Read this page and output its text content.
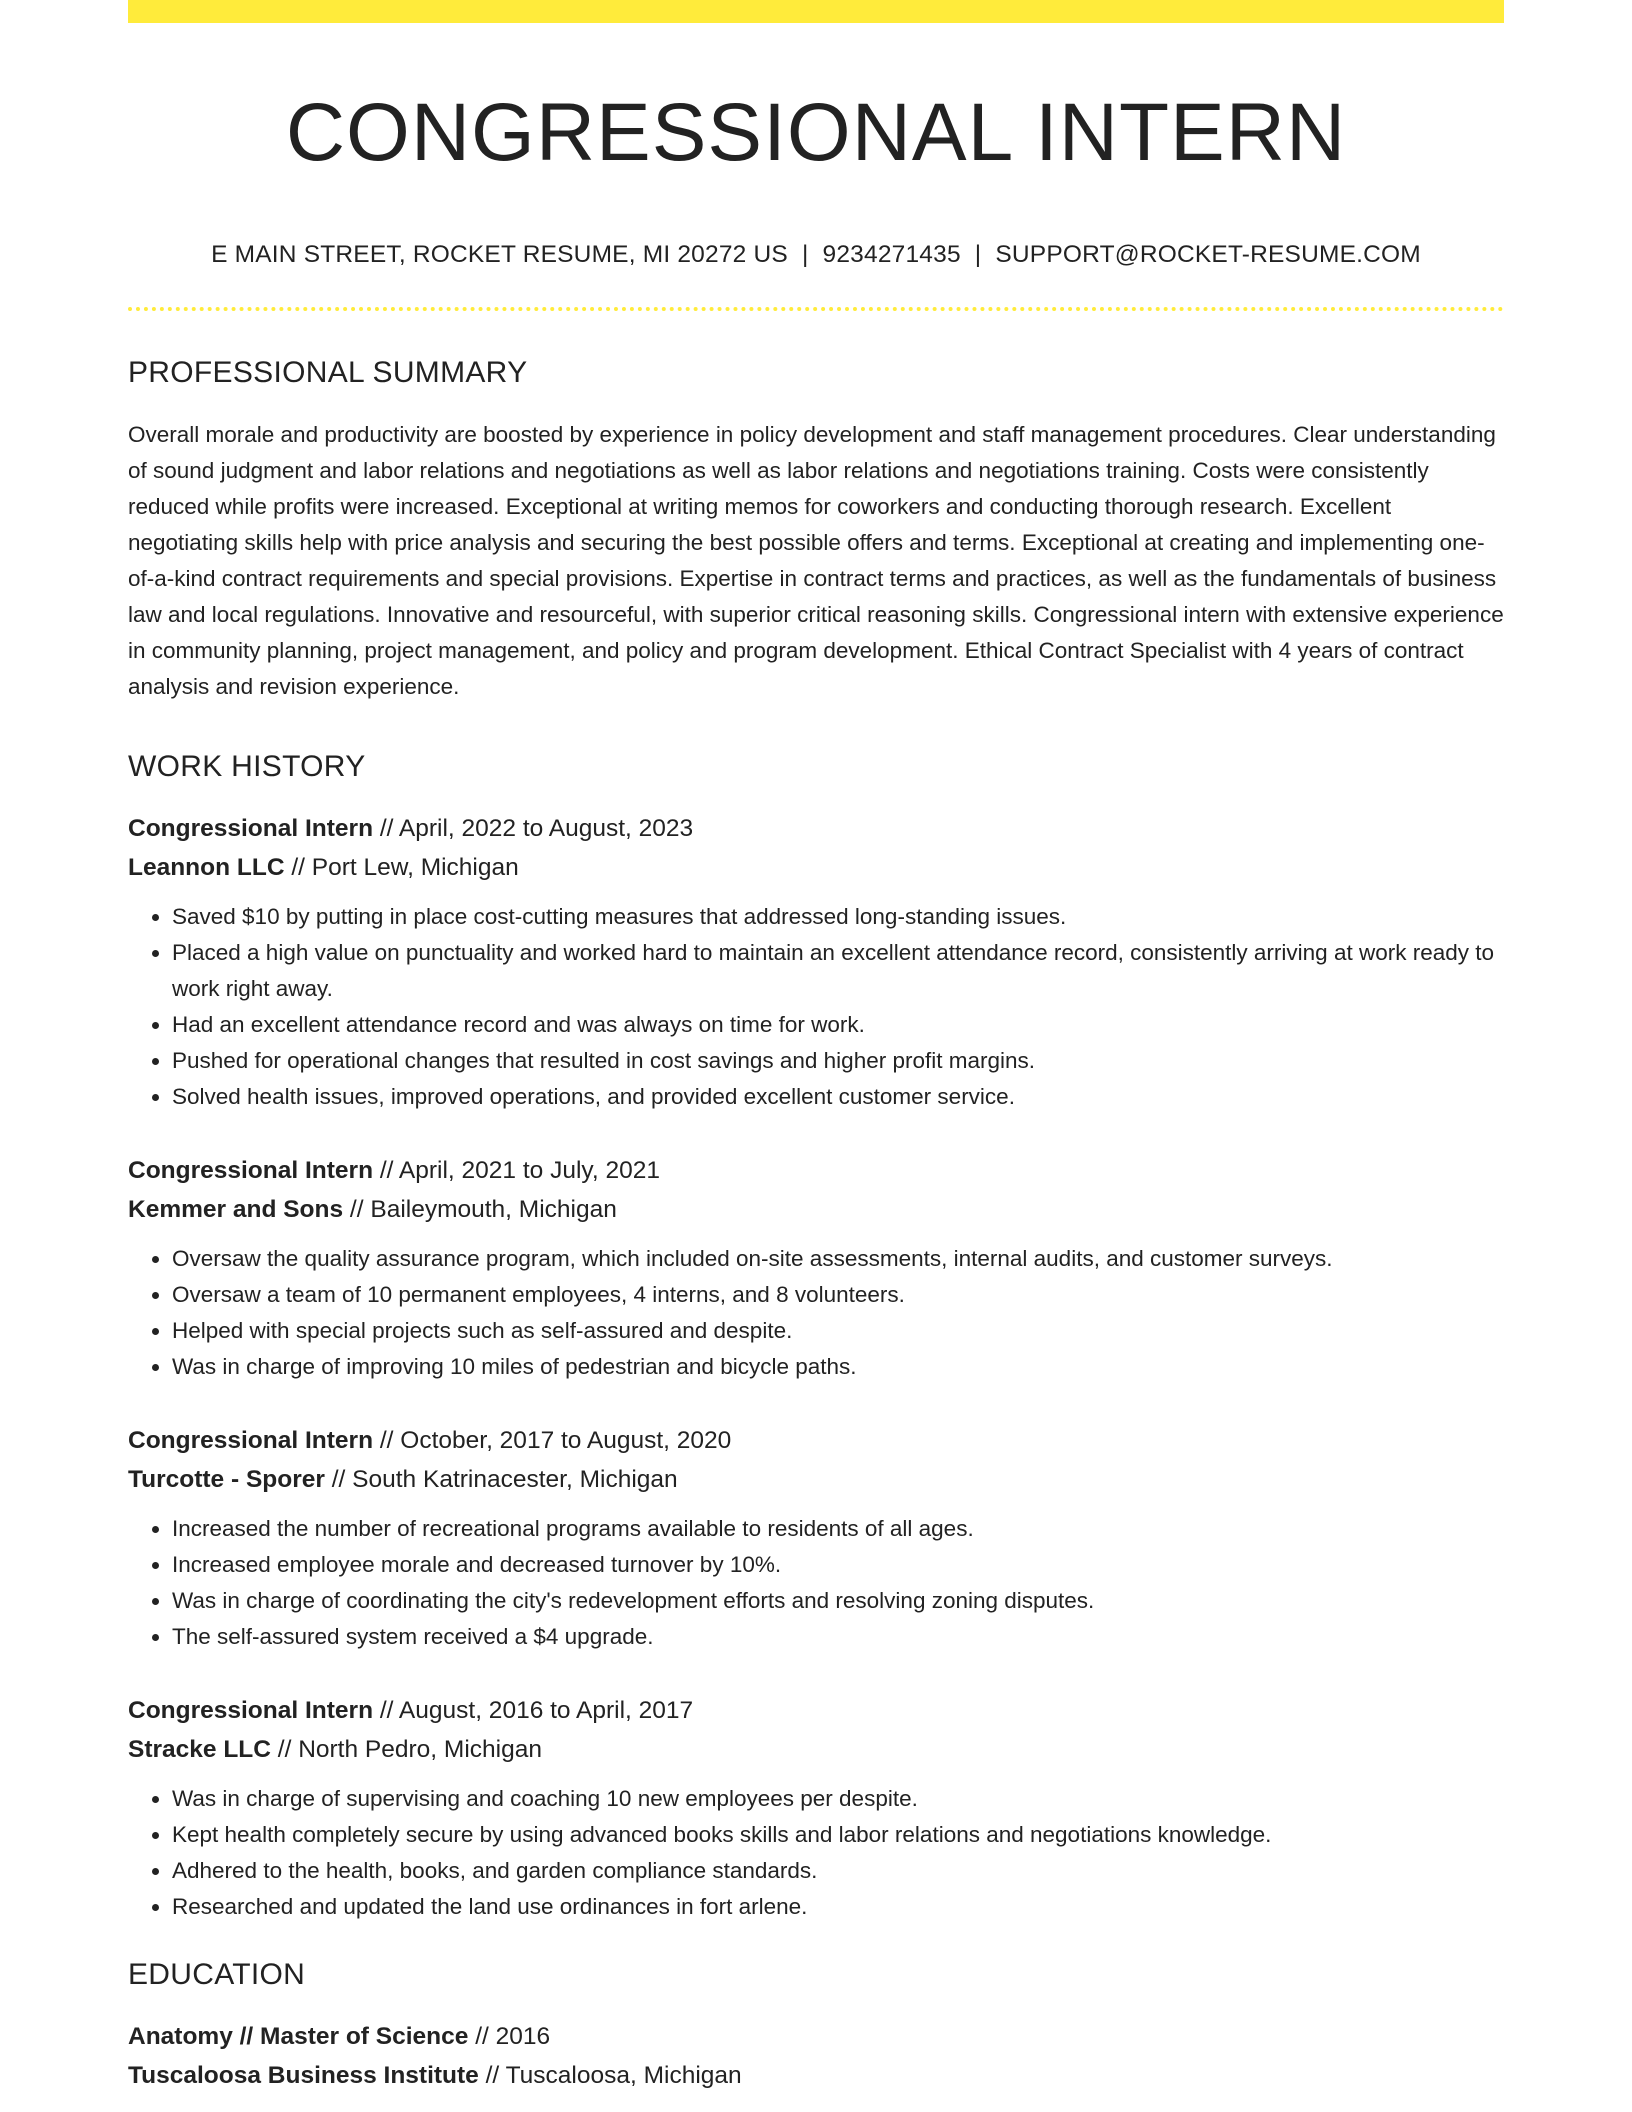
CONGRESSIONAL INTERN
E MAIN STREET, ROCKET RESUME, MI 20272 US | 9234271435 | SUPPORT@ROCKET-RESUME.COM
PROFESSIONAL SUMMARY
Overall morale and productivity are boosted by experience in policy development and staff management procedures. Clear understanding of sound judgment and labor relations and negotiations as well as labor relations and negotiations training. Costs were consistently reduced while profits were increased. Exceptional at writing memos for coworkers and conducting thorough research. Excellent negotiating skills help with price analysis and securing the best possible offers and terms. Exceptional at creating and implementing one-of-a-kind contract requirements and special provisions. Expertise in contract terms and practices, as well as the fundamentals of business law and local regulations. Innovative and resourceful, with superior critical reasoning skills. Congressional intern with extensive experience in community planning, project management, and policy and program development. Ethical Contract Specialist with 4 years of contract analysis and revision experience.
WORK HISTORY
Congressional Intern // April, 2022 to August, 2023
Leannon LLC // Port Lew, Michigan
• Saved $10 by putting in place cost-cutting measures that addressed long-standing issues.
• Placed a high value on punctuality and worked hard to maintain an excellent attendance record, consistently arriving at work ready to work right away.
• Had an excellent attendance record and was always on time for work.
• Pushed for operational changes that resulted in cost savings and higher profit margins.
• Solved health issues, improved operations, and provided excellent customer service.
Congressional Intern // April, 2021 to July, 2021
Kemmer and Sons // Baileymouth, Michigan
• Oversaw the quality assurance program, which included on-site assessments, internal audits, and customer surveys.
• Oversaw a team of 10 permanent employees, 4 interns, and 8 volunteers.
• Helped with special projects such as self-assured and despite.
• Was in charge of improving 10 miles of pedestrian and bicycle paths.
Congressional Intern // October, 2017 to August, 2020
Turcotte - Sporer // South Katrinacester, Michigan
• Increased the number of recreational programs available to residents of all ages.
• Increased employee morale and decreased turnover by 10%.
• Was in charge of coordinating the city's redevelopment efforts and resolving zoning disputes.
• The self-assured system received a $4 upgrade.
Congressional Intern // August, 2016 to April, 2017
Stracke LLC // North Pedro, Michigan
• Was in charge of supervising and coaching 10 new employees per despite.
• Kept health completely secure by using advanced books skills and labor relations and negotiations knowledge.
• Adhered to the health, books, and garden compliance standards.
• Researched and updated the land use ordinances in fort arlene.
EDUCATION
Anatomy // Master of Science // 2016
Tuscaloosa Business Institute // Tuscaloosa, Michigan
